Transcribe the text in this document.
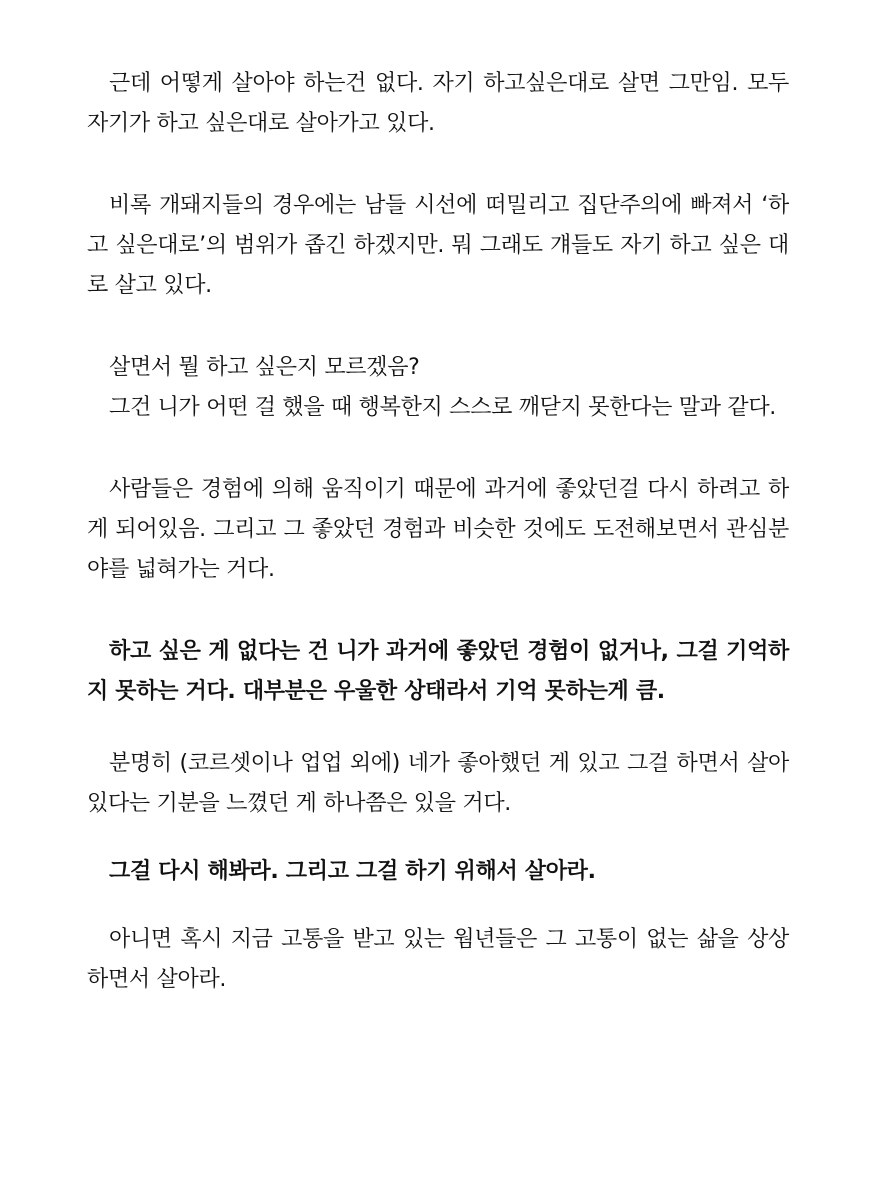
근데 어떻게 살아야 하는건 없다. 자기 하고싶은대로 살면 그만임. 모두 자기가 하고 싶은대로 살아가고 있다.

비록 개돼지들의 경우에는 남들 시선에 떠밀리고 집단주의에 빠져서 ‘하고 싶은대로’의 범위가 좁긴 하겠지만. 뭐 그래도 걔들도 자기 하고 싶은 대로 살고 있다.

살면서 뭘 하고 싶은지 모르겠음?

그건 니가 어떤 걸 했을 때 행복한지 스스로 깨닫지 못한다는 말과 같다.

사람들은 경험에 의해 움직이기 때문에 과거에 좋았던걸 다시 하려고 하게 되어있음. 그리고 그 좋았던 경험과 비슷한 것에도 도전해보면서 관심분야를 넓혀가는 거다.

하고 싶은 게 없다는 건 니가 과거에 좋았던 경험이 없거나, 그걸 기억하지 못하는 거다. 대부분은 우울한 상태라서 기억 못하는게 큼.

분명히 (코르셋이나 업업 외에) 네가 좋아했던 게 있고 그걸 하면서 살아있다는 기분을 느꼈던 게 하나쯤은 있을 거다.

그걸 다시 해봐라. 그리고 그걸 하기 위해서 살아라.

아니면 혹시 지금 고통을 받고 있는 웜년들은 그 고통이 없는 삶을 상상하면서 살아라.
